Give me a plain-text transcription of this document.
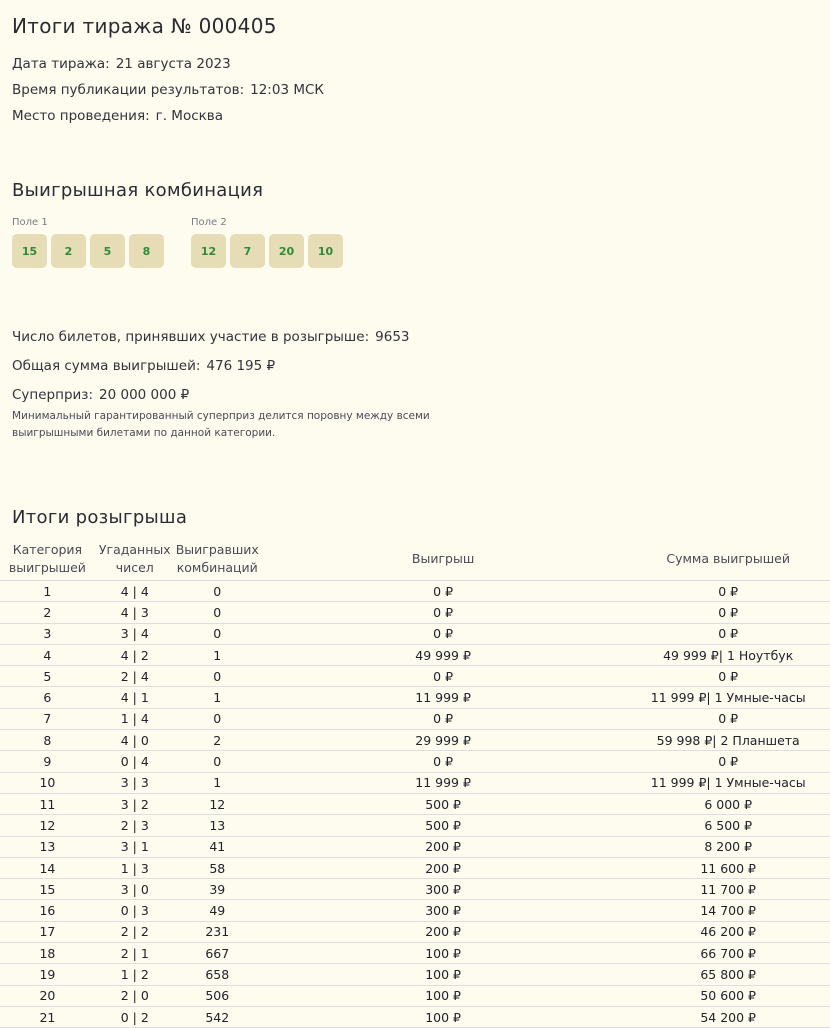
Итоги тиража № 000405
Дата тиража: 21 августа 2023
Время публикации результатов: 12:03 МСК
Место проведения: г. Москва
Выигрышная комбинация
Поле 1
15	2	5	8
Поле 2
12	7	20	10
Число билетов, принявших участие в розыгрыше: 9653
Общая сумма выигрышей: 476 195 ₽
Суперприз: 20 000 000 ₽
Минимальный гарантированный суперприз делится поровну между всеми выигрышными билетами по данной категории.
Итоги розыгрыша
Категория выигрышей	Угаданных чисел	Выигравших комбинаций	Выигрыш	Сумма выигрышей
1	4 | 4	0	0 ₽	0 ₽
2	4 | 3	0	0 ₽	0 ₽
3	3 | 4	0	0 ₽	0 ₽
4	4 | 2	1	49 999 ₽	49 999 ₽| 1 Ноутбук
5	2 | 4	0	0 ₽	0 ₽
6	4 | 1	1	11 999 ₽	11 999 ₽| 1 Умные-часы
7	1 | 4	0	0 ₽	0 ₽
8	4 | 0	2	29 999 ₽	59 998 ₽| 2 Планшета
9	0 | 4	0	0 ₽	0 ₽
10	3 | 3	1	11 999 ₽	11 999 ₽| 1 Умные-часы
11	3 | 2	12	500 ₽	6 000 ₽
12	2 | 3	13	500 ₽	6 500 ₽
13	3 | 1	41	200 ₽	8 200 ₽
14	1 | 3	58	200 ₽	11 600 ₽
15	3 | 0	39	300 ₽	11 700 ₽
16	0 | 3	49	300 ₽	14 700 ₽
17	2 | 2	231	200 ₽	46 200 ₽
18	2 | 1	667	100 ₽	66 700 ₽
19	1 | 2	658	100 ₽	65 800 ₽
20	2 | 0	506	100 ₽	50 600 ₽
21	0 | 2	542	100 ₽	54 200 ₽
